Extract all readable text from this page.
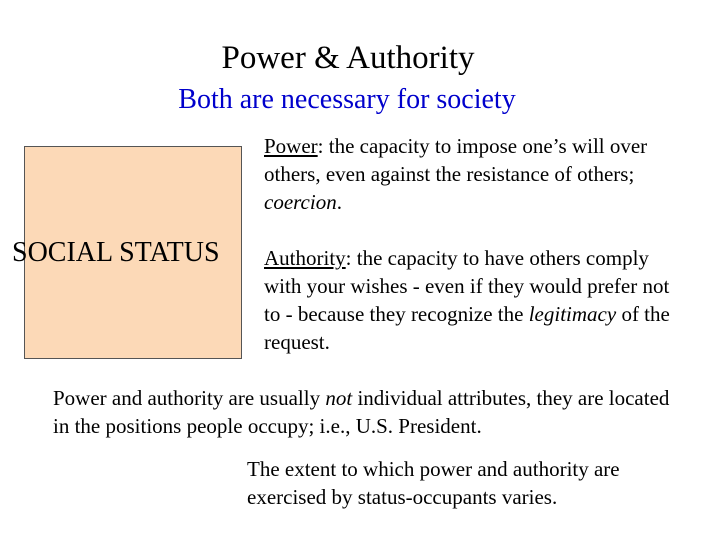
Power & Authority
Both are necessary for society
SOCIAL STATUS
Power: the capacity to impose one’s will over others, even against the resistance of others; coercion.
Authority: the capacity to have others comply with your wishes - even if they would prefer not to - because they recognize the legitimacy of the request.
Power and authority are usually not individual attributes, they are located in the positions people occupy; i.e., U.S. President.
The extent to which power and authority are exercised by status-occupants varies.
